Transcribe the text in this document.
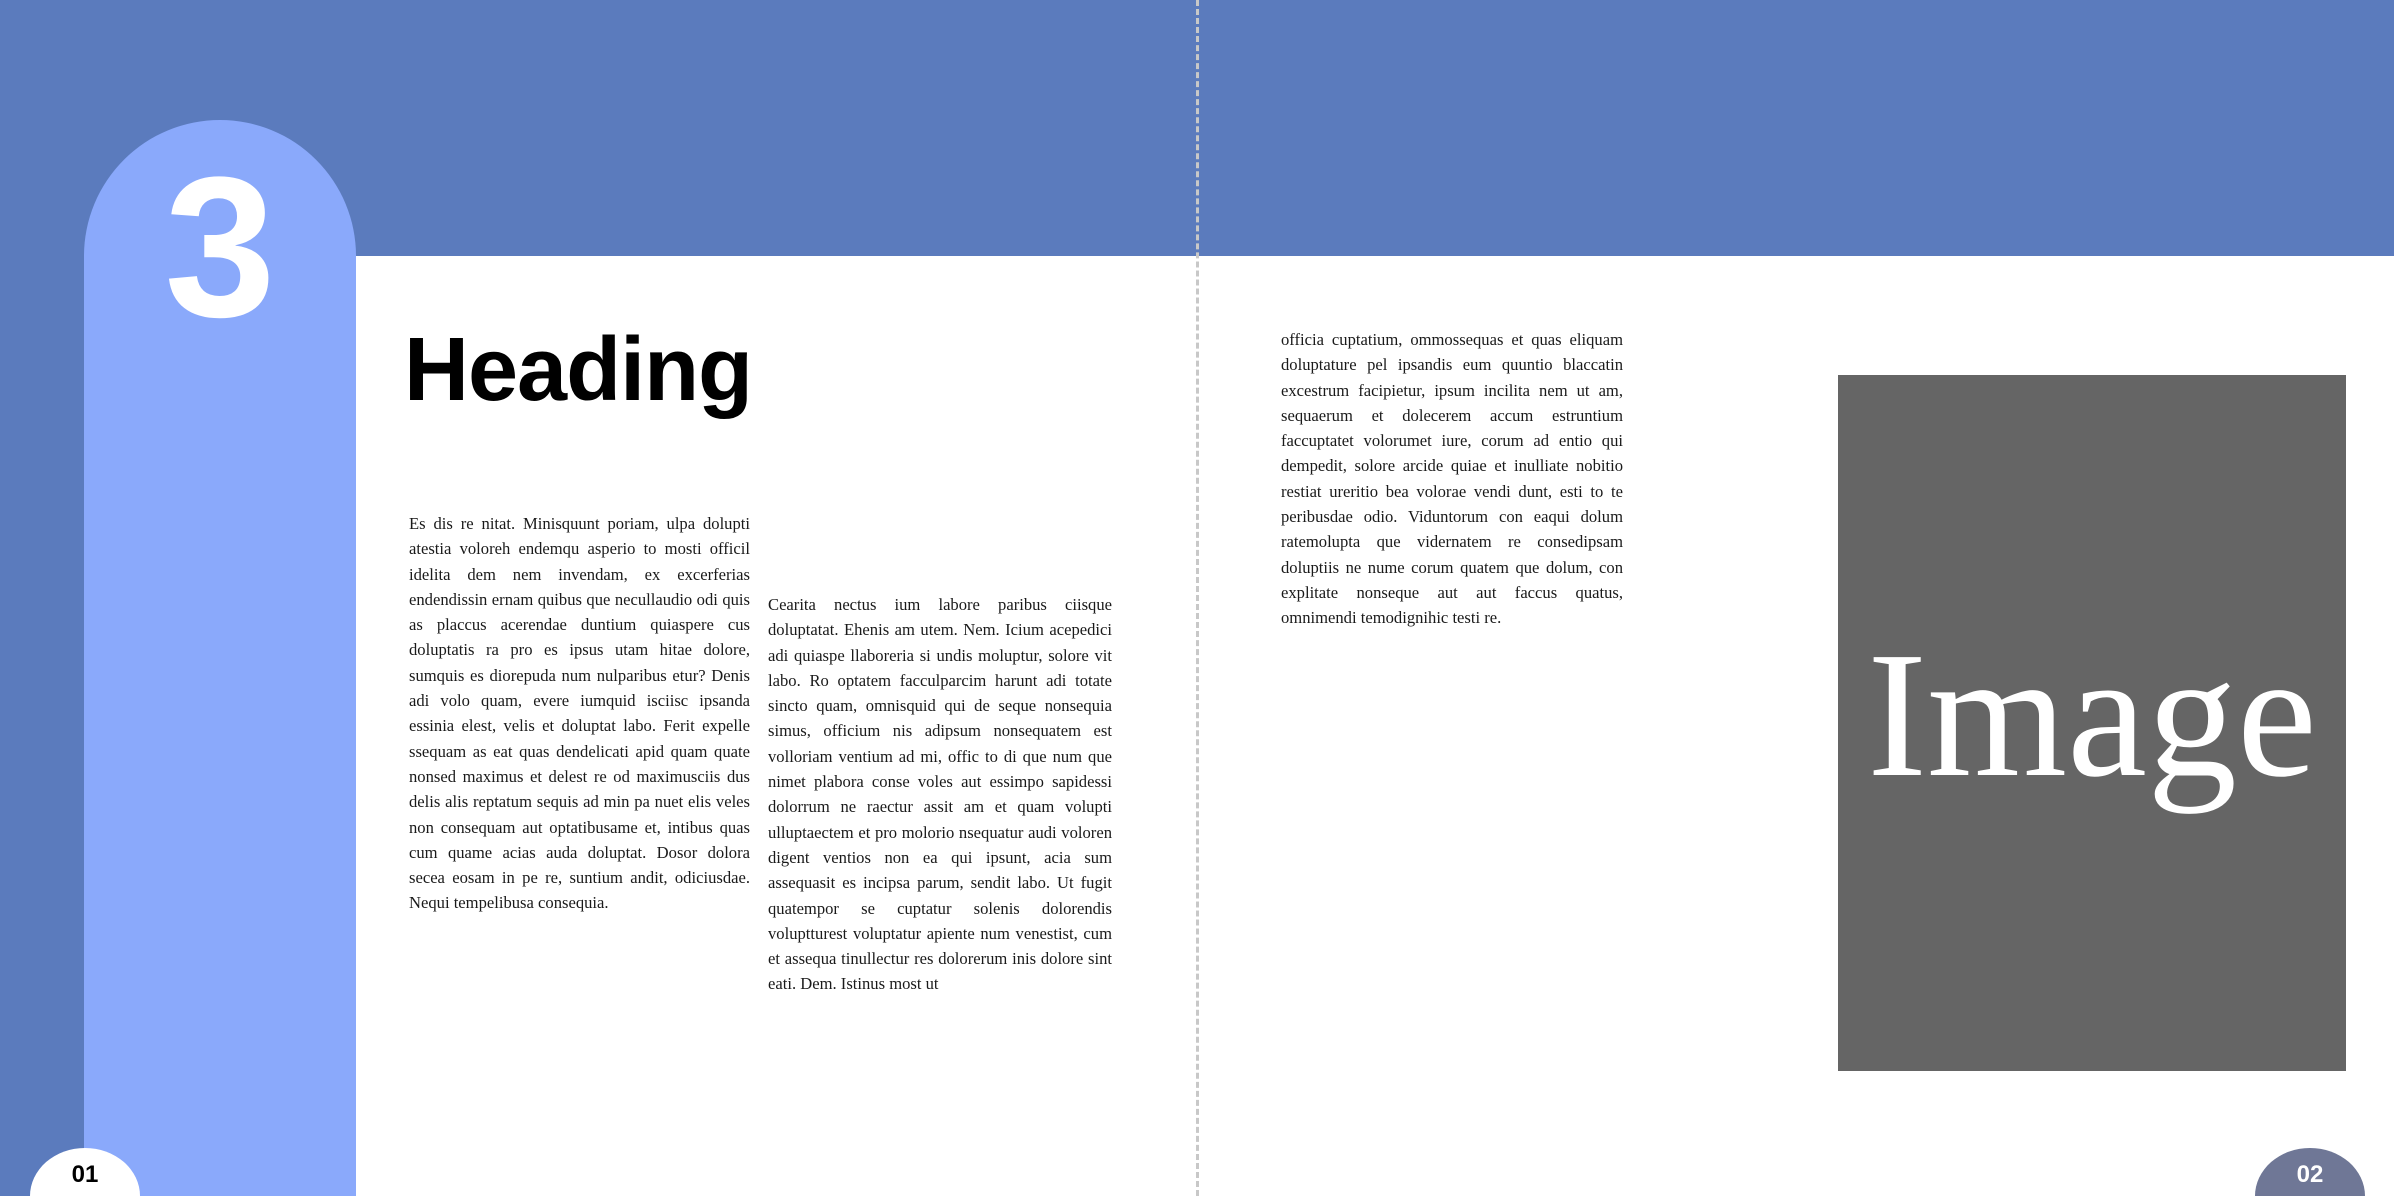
3
Heading

Es dis re nitat. Minisquunt poriam, ulpa dolupti atestia voloreh endemqu asperio to mosti officil idelita dem nem invendam, ex excerferias endendissin ernam quibus que necullaudio odi quis as placcus acerendae duntium quiaspere cus doluptatis ra pro es ipsus utam hitae dolore, sumquis es diorepuda num nulparibus etur? Denis adi volo quam, evere iumquid isciisc ipsanda essinia elest, velis et doluptat labo. Ferit expelle ssequam as eat quas dendelicati apid quam quate nonsed maximus et delest re od maximusciis dus delis alis reptatum sequis ad min pa nuet elis veles non consequam aut optatibusame et, intibus quas cum quame acias auda doluptat. Dosor dolora secea eosam in pe re, suntium andit, odiciusdae. Nequi tempelibusa consequia.

Cearita nectus ium labore paribus ciisque doluptatat. Ehenis am utem. Nem. Icium acepedici adi quiaspe llaboreria si undis moluptur, solore vit labo. Ro optatem facculparcim harunt adi totate sincto quam, omnisquid qui de seque nonsequia simus, officium nis adipsum nonsequatem est volloriam ventium ad mi, offic to di que num que nimet plabora conse voles aut essimpo sapidessi dolorrum ne raectur assit am et quam volupti ulluptaectem et pro molorio nsequatur audi voloren digent ventios non ea qui ipsunt, acia sum assequasit es incipsa parum, sendit labo. Ut fugit quatempor se cuptatur solenis dolorendis voluptturest voluptatur apiente num venestist, cum et assequa tinullectur res dolorerum inis dolore sint eati. Dem. Istinus most ut

officia cuptatium, ommossequas et quas eliquam doluptature pel ipsandis eum quuntio blaccatin excestrum facipietur, ipsum incilita nem ut am, sequaerum et dolecerem accum estruntium faccuptatet volorumet iure, corum ad entio qui dempedit, solore arcide quiae et inulliate nobitio restiat ureritio bea volorae vendi dunt, esti to te peribusdae odio. Viduntorum con eaqui dolum ratemolupta que vidernatem re consedipsam doluptiis ne nume corum quatem que dolum, con explitate nonseque aut aut faccus quatus, omnimendi temodignihic testi re.	Image
01	02
